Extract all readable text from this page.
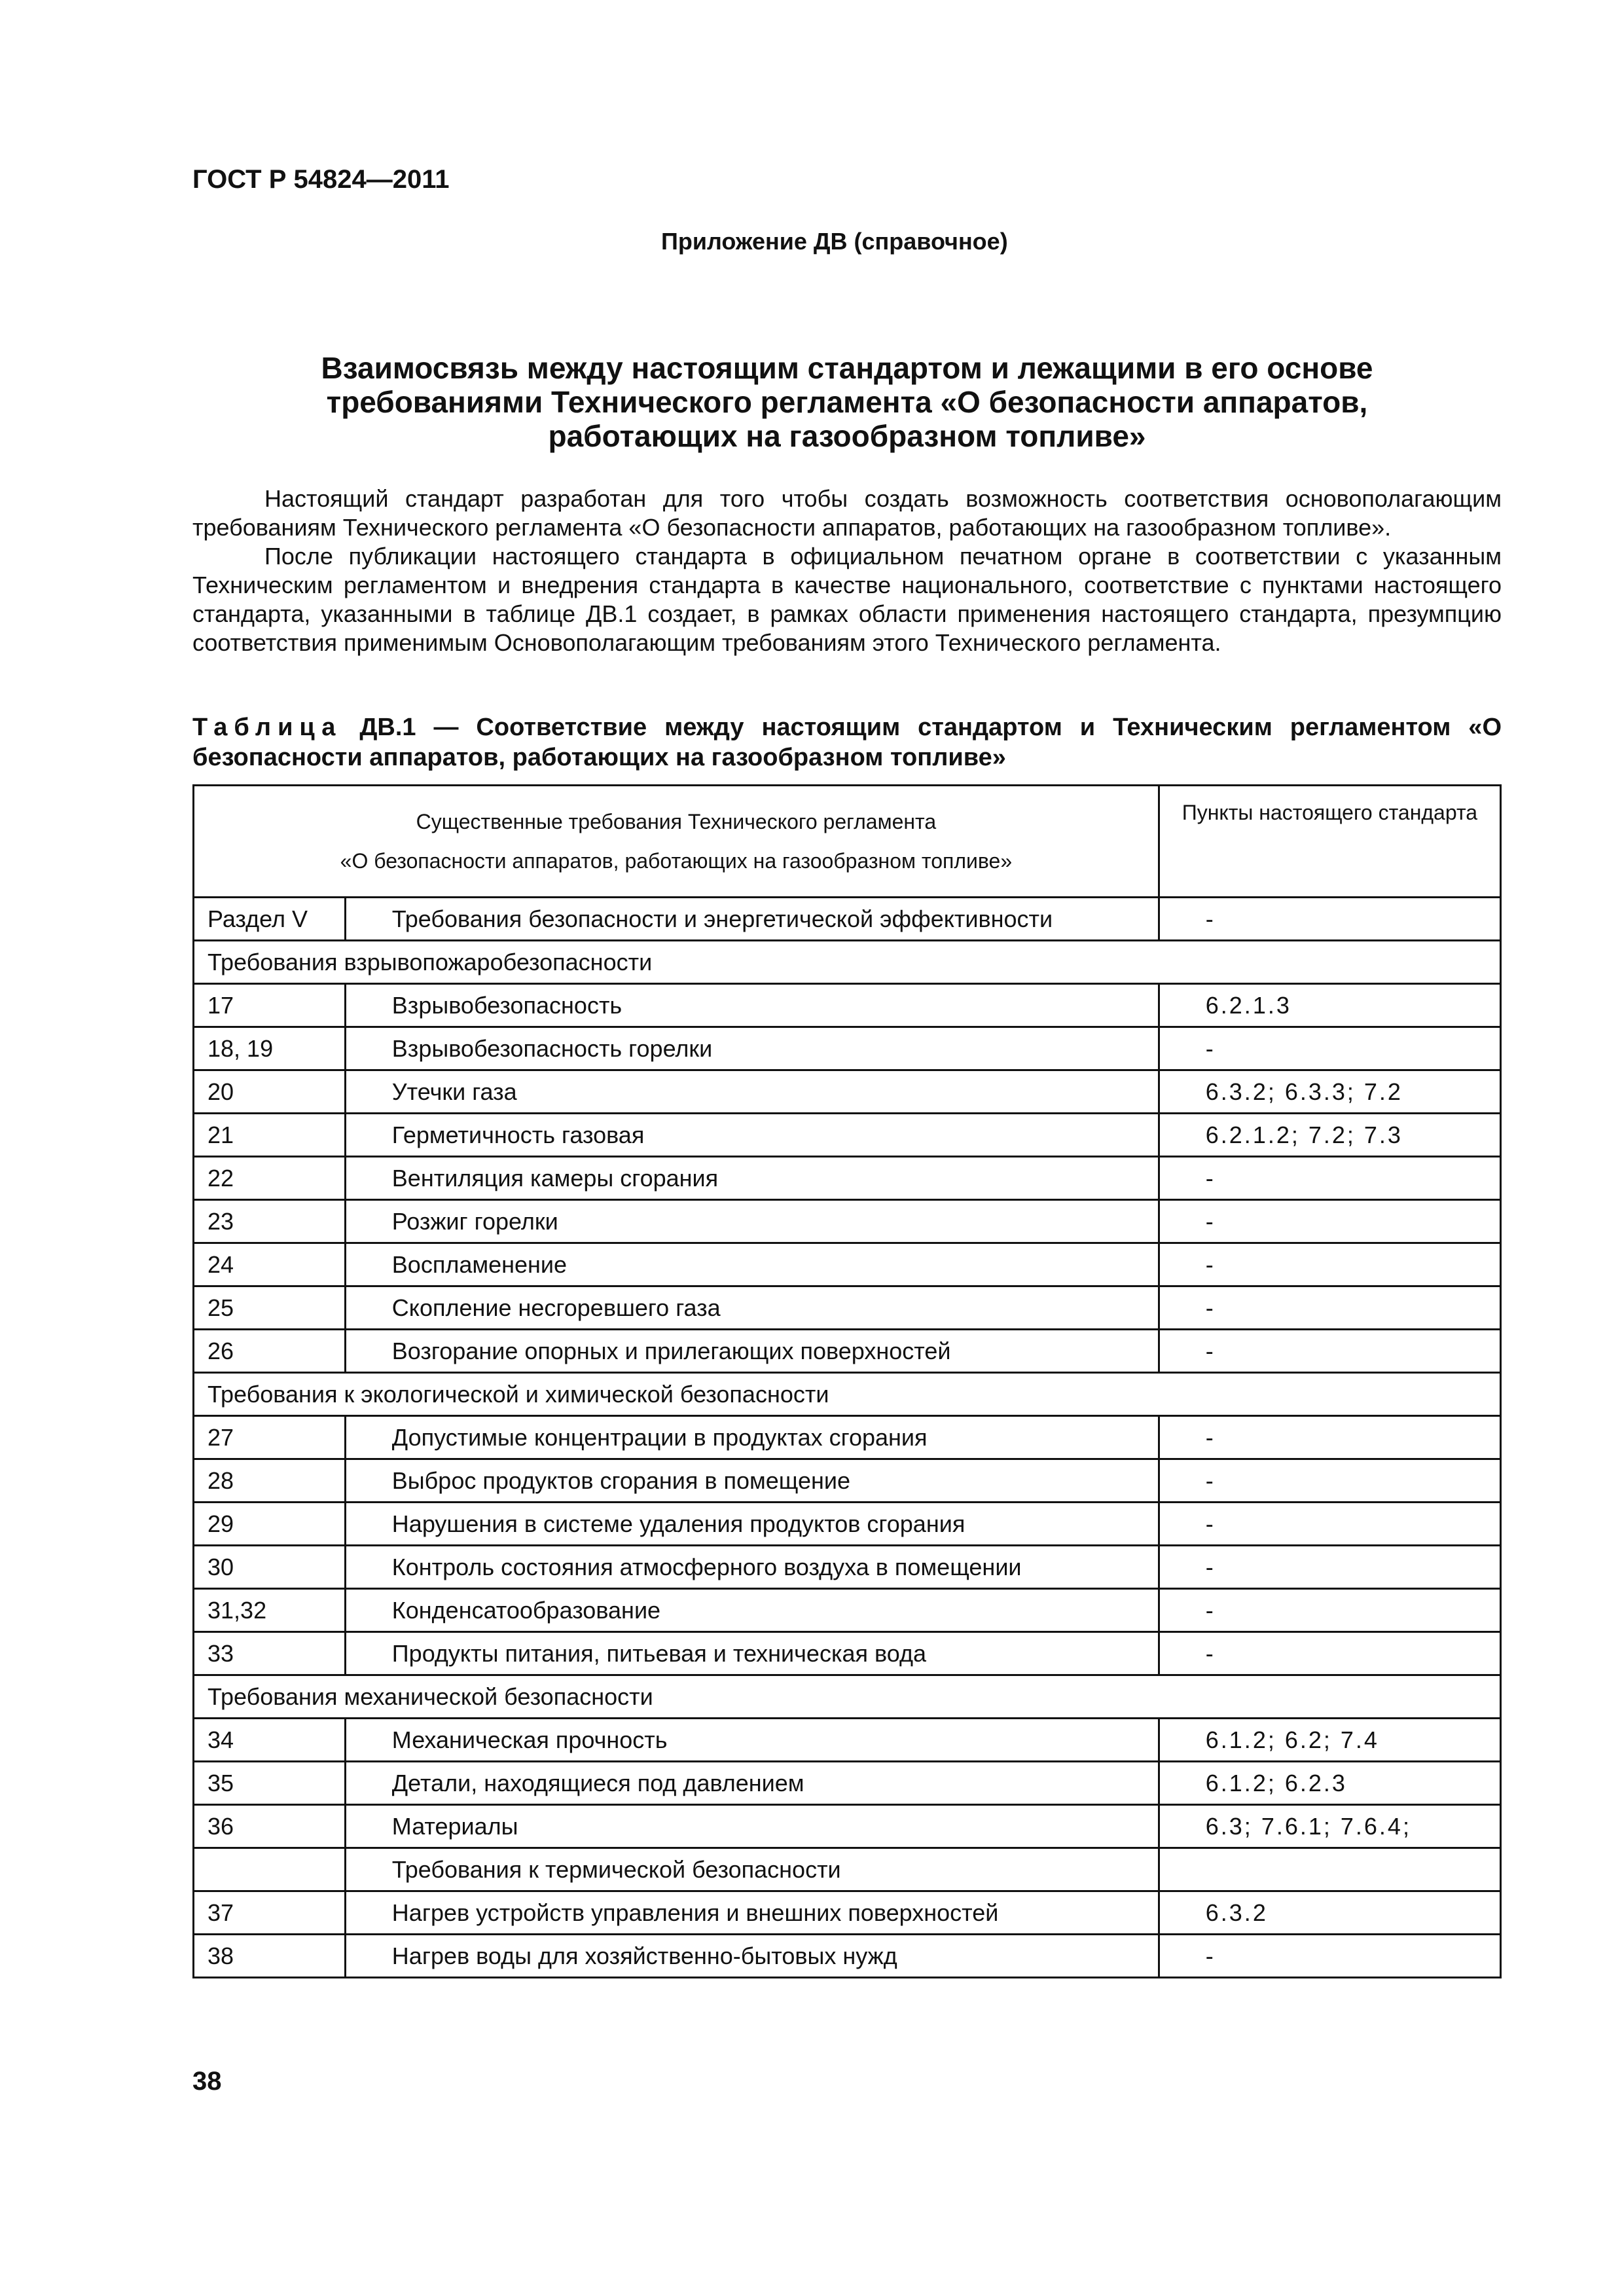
ГОСТ Р 54824—2011
Приложение ДВ (справочное)
Взаимосвязь между настоящим стандартом и лежащими в его основе
требованиями Технического регламента «О безопасности аппаратов,
работающих на газообразном топливе»

Настоящий стандарт разработан для того чтобы создать возможность соответствия основополагающим требованиям Технического регламента «О безопасности аппаратов, работающих на газообразном топливе».

После публикации настоящего стандарта в официальном печатном органе в соответствии с указанным Техническим регламентом и внедрения стандарта в качестве национального, соответствие с пунктами настоящего стандарта, указанными в таблице ДВ.1 создает, в рамках области применения настоящего стандарта, презумпцию соответствия применимым Основополагающим требованиям этого Технического регламента.

Таблица ДВ.1 — Соответствие между настоящим стандартом и Техническим регламентом «О безопасности аппаратов, работающих на газообразном топливе»
Существенные требования Технического регламента
«О безопасности аппаратов, работающих на газообразном топливе»		Пункты настоящего стандарта
Раздел V	Требования безопасности и энергетической эффективности	-
Требования взрывопожаробезопасности		
17	Взрывобезопасность	6.2.1.3
18, 19	Взрывобезопасность горелки	-
20	Утечки газа	6.3.2; 6.3.3; 7.2
21	Герметичность газовая	6.2.1.2; 7.2; 7.3
22	Вентиляция камеры сгорания	-
23	Розжиг горелки	-
24	Воспламенение	-
25	Скопление несгоревшего газа	-
26	Возгорание опорных и прилегающих поверхностей	-
Требования к экологической и химической безопасности		
27	Допустимые концентрации в продуктах сгорания	-
28	Выброс продуктов сгорания в помещение	-
29	Нарушения в системе удаления продуктов сгорания	-
30	Контроль состояния атмосферного воздуха в помещении	-
31,32	Конденсатообразование	-
33	Продукты питания, питьевая и техническая вода	-
Требования механической безопасности		
34	Механическая прочность	6.1.2; 6.2; 7.4
35	Детали, находящиеся под давлением	6.1.2; 6.2.3
36	Материалы	6.3; 7.6.1; 7.6.4;
	Требования к термической безопасности	
37	Нагрев устройств управления и внешних поверхностей	6.3.2
38	Нагрев воды для хозяйственно-бытовых нужд	-
38
